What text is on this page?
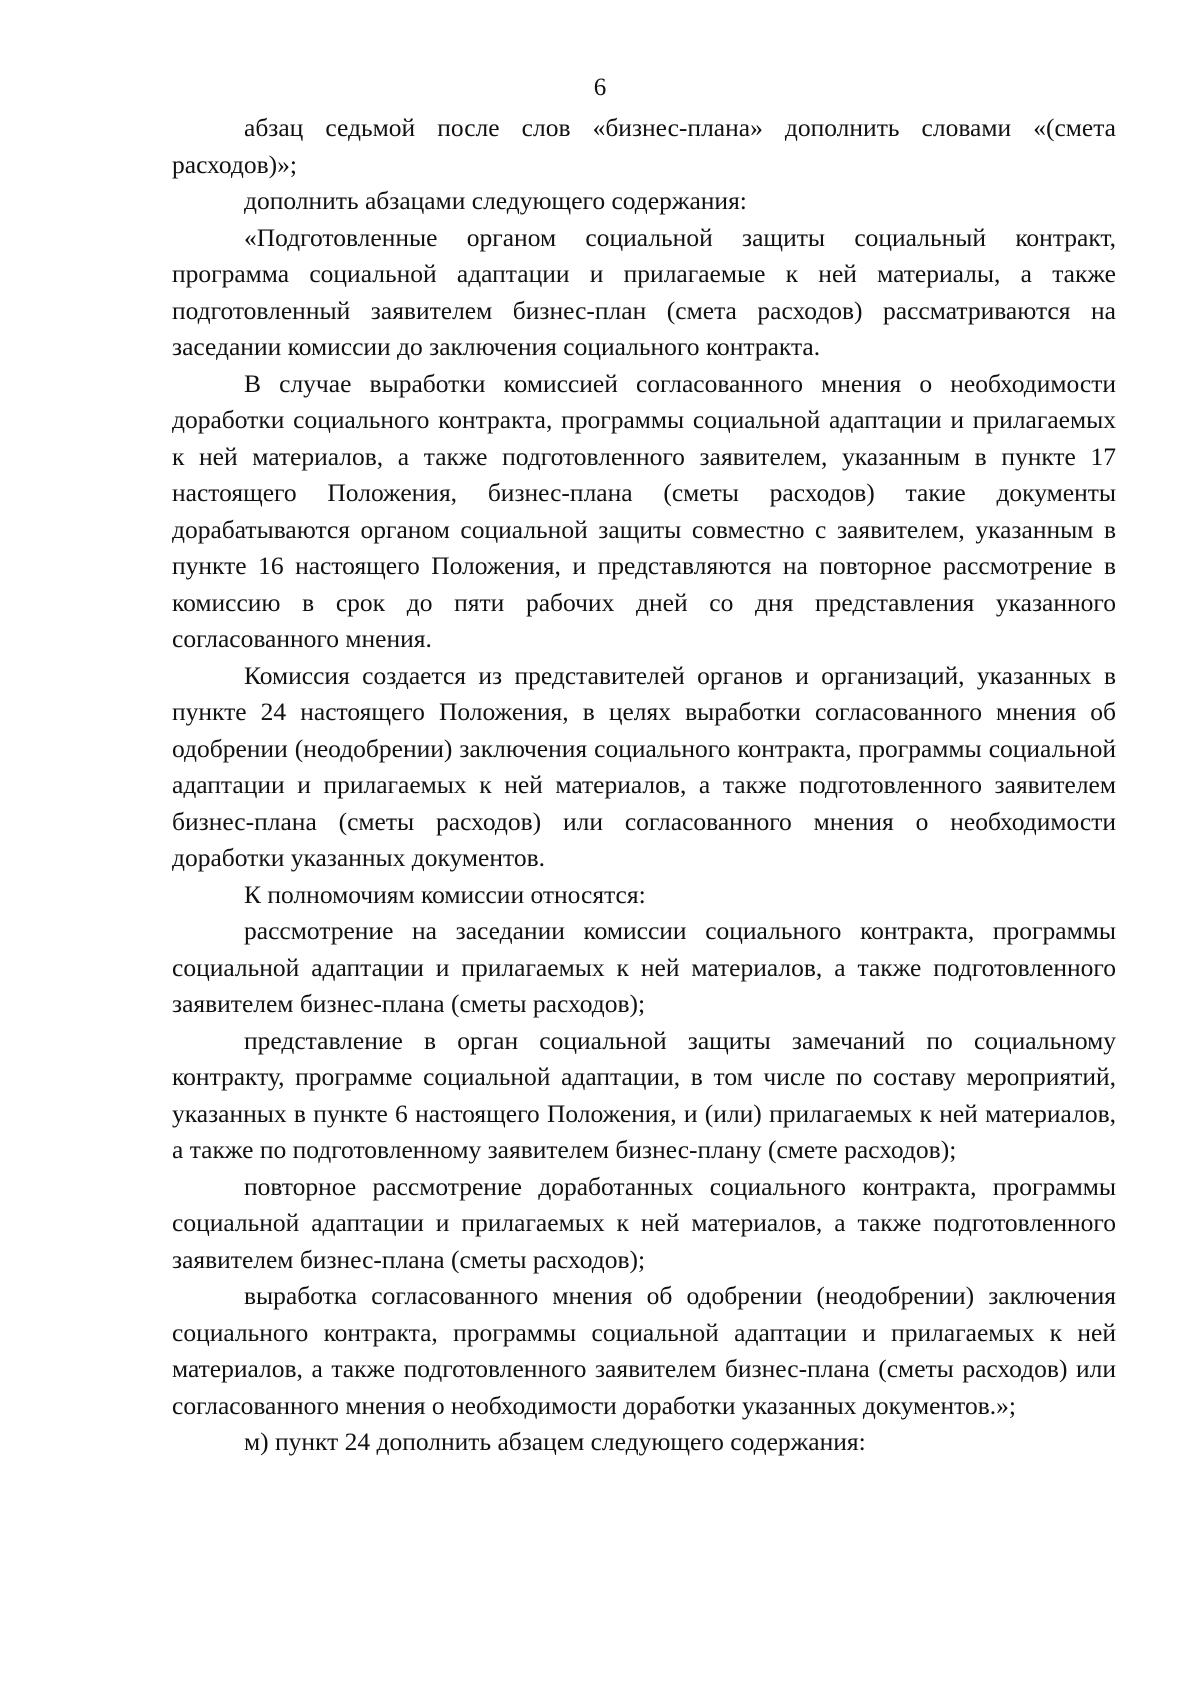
6

абзац седьмой после слов «бизнес-плана» дополнить словами «(смета расходов)»;

дополнить абзацами следующего содержания:

«Подготовленные органом социальной защиты социальный контракт, программа социальной адаптации и прилагаемые к ней материалы, а также подготовленный заявителем бизнес-план (смета расходов) рассматриваются на заседании комиссии до заключения социального контракта.

В случае выработки комиссией согласованного мнения о необходимости доработки социального контракта, программы социальной адаптации и прилагаемых к ней материалов, а также подготовленного заявителем, указанным в пункте 17 настоящего Положения, бизнес-плана (сметы расходов) такие документы дорабатываются органом социальной защиты совместно с заявителем, указанным в пункте 16 настоящего Положения, и представляются на повторное рассмотрение в комиссию в срок до пяти рабочих дней со дня представления указанного согласованного мнения.

Комиссия создается из представителей органов и организаций, указанных в пункте 24 настоящего Положения, в целях выработки согласованного мнения об одобрении (неодобрении) заключения социального контракта, программы социальной адаптации и прилагаемых к ней материалов, а также подготовленного заявителем бизнес-плана (сметы расходов) или согласованного мнения о необходимости доработки указанных документов.

К полномочиям комиссии относятся:

рассмотрение на заседании комиссии социального контракта, программы социальной адаптации и прилагаемых к ней материалов, а также подготовленного заявителем бизнес-плана (сметы расходов);

представление в орган социальной защиты замечаний по социальному контракту, программе социальной адаптации, в том числе по составу мероприятий, указанных в пункте 6 настоящего Положения, и (или) прилагаемых к ней материалов, а также по подготовленному заявителем бизнес-плану (смете расходов);

повторное рассмотрение доработанных социального контракта, программы социальной адаптации и прилагаемых к ней материалов, а также подготовленного заявителем бизнес-плана (сметы расходов);

выработка согласованного мнения об одобрении (неодобрении) заключения социального контракта, программы социальной адаптации и прилагаемых к ней материалов, а также подготовленного заявителем бизнес-плана (сметы расходов) или согласованного мнения о необходимости доработки указанных документов.»;

м) пункт 24 дополнить абзацем следующего содержания:
